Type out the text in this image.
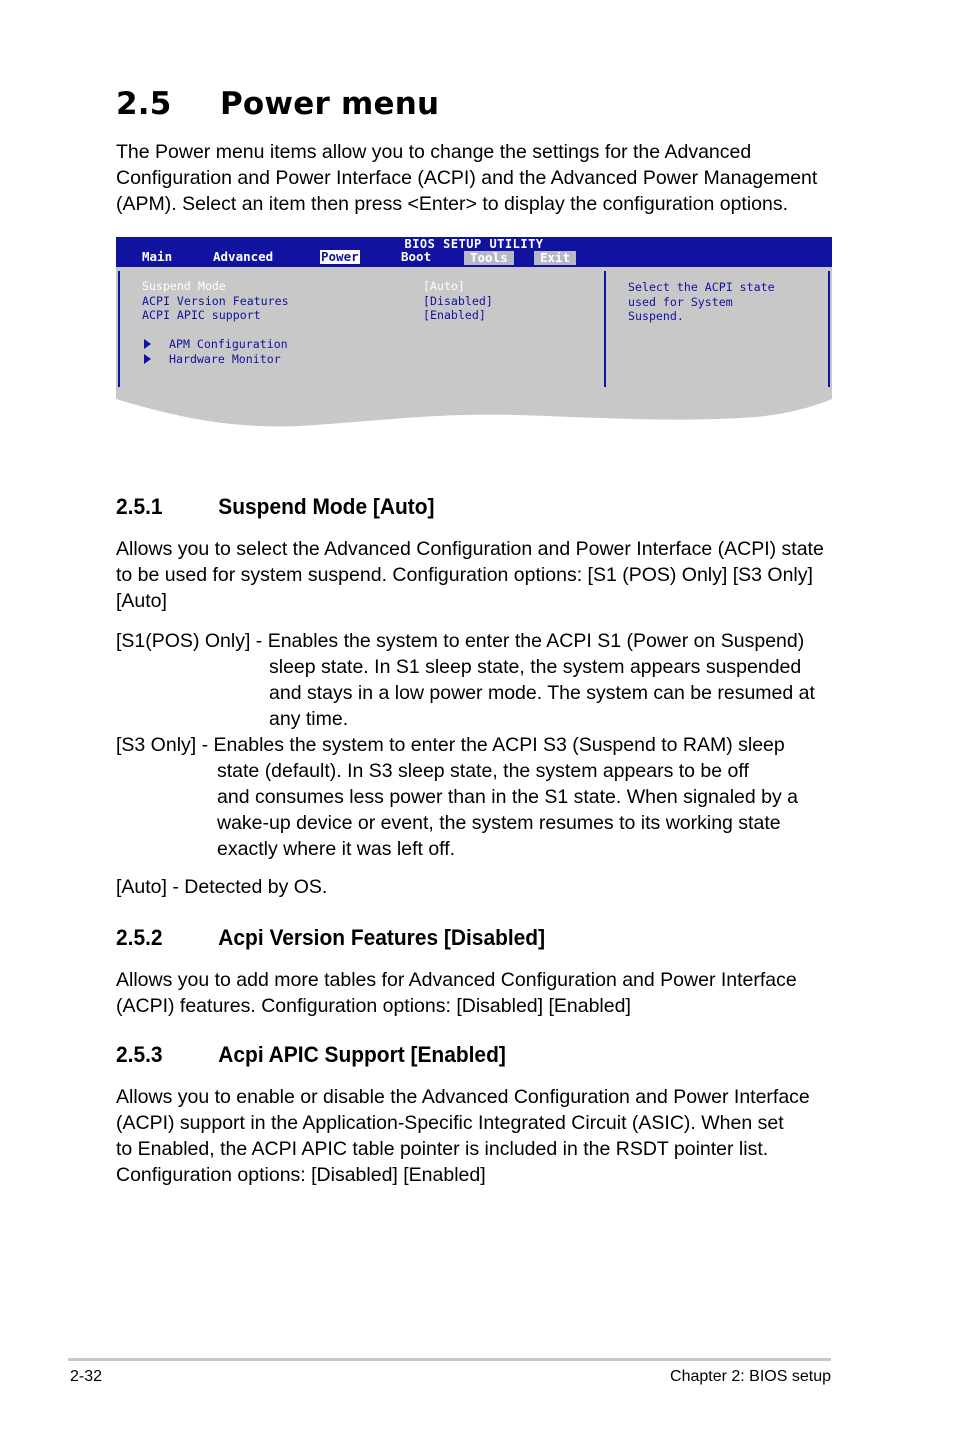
2.5 Power menu
The Power menu items allow you to change the settings for the Advanced
Configuration and Power Interface (ACPI) and the Advanced Power Management
(APM). Select an item then press <Enter> to display the configuration options.
BIOS SETUP UTILITY
Main	Advanced	Power	Boot	Tools	Exit
Suspend Mode	[Auto]
ACPI Version Features	[Disabled]
ACPI APIC support	[Enabled]
APM Configuration
Hardware Monitor
Select the ACPI state
used for System
Suspend.
2.5.1 Suspend Mode [Auto]
Allows you to select the Advanced Configuration and Power Interface (ACPI) state
to be used for system suspend. Configuration options: [S1 (POS) Only] [S3 Only]
[Auto]
[S1(POS) Only] - Enables the system to enter the ACPI S1 (Power on Suspend)
sleep state. In S1 sleep state, the system appears suspended
and stays in a low power mode. The system can be resumed at
any time.
[S3 Only] - Enables the system to enter the ACPI S3 (Suspend to RAM) sleep
state (default). In S3 sleep state, the system appears to be off
and consumes less power than in the S1 state. When signaled by a
wake-up device or event, the system resumes to its working state
exactly where it was left off.
[Auto] - Detected by OS.
2.5.2 Acpi Version Features [Disabled]
Allows you to add more tables for Advanced Configuration and Power Interface
(ACPI) features. Configuration options: [Disabled] [Enabled]
2.5.3 Acpi APIC Support [Enabled]
Allows you to enable or disable the Advanced Configuration and Power Interface
(ACPI) support in the Application-Specific Integrated Circuit (ASIC). When set
to Enabled, the ACPI APIC table pointer is included in the RSDT pointer list.
Configuration options: [Disabled] [Enabled]
2-32	Chapter 2: BIOS setup
